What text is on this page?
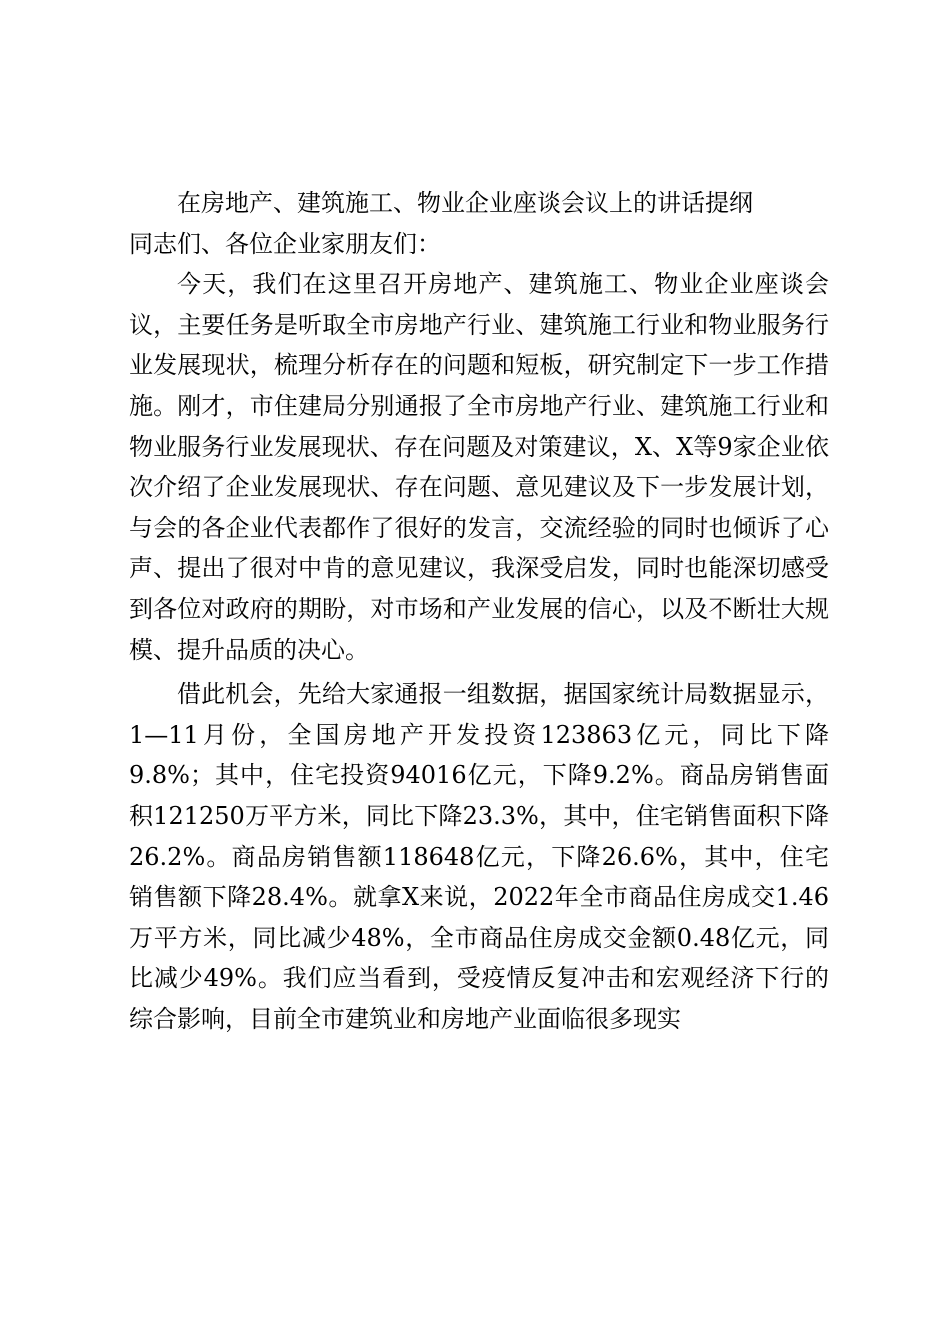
在房地产、建筑施工、物业企业座谈会议上的讲话提纲

同志们、各位企业家朋友们：

今天，我们在这里召开房地产、建筑施工、物业企业座谈会议，主要任务是听取全市房地产行业、建筑施工行业和物业服务行业发展现状，梳理分析存在的问题和短板，研究制定下一步工作措施。刚才，市住建局分别通报了全市房地产行业、建筑施工行业和物业服务行业发展现状、存在问题及对策建议，X、X等9家企业依次介绍了企业发展现状、存在问题、意见建议及下一步发展计划，与会的各企业代表都作了很好的发言，交流经验的同时也倾诉了心声、提出了很对中肯的意见建议，我深受启发，同时也能深切感受到各位对政府的期盼，对市场和产业发展的信心，以及不断壮大规模、提升品质的决心。

借此机会，先给大家通报一组数据，据国家统计局数据显示，1—11月份，全国房地产开发投资123863亿元，同比下降9.8%；其中，住宅投资94016亿元，下降9.2%。商品房销售面积121250万平方米，同比下降23.3%，其中，住宅销售面积下降26.2%。商品房销售额118648亿元，下降26.6%，其中，住宅销售额下降28.4%。就拿X来说，2022年全市商品住房成交1.46万平方米，同比减少48%，全市商品住房成交金额0.48亿元，同比减少49%。我们应当看到，受疫情反复冲击和宏观经济下行的综合影响，目前全市建筑业和房地产业面临很多现实
